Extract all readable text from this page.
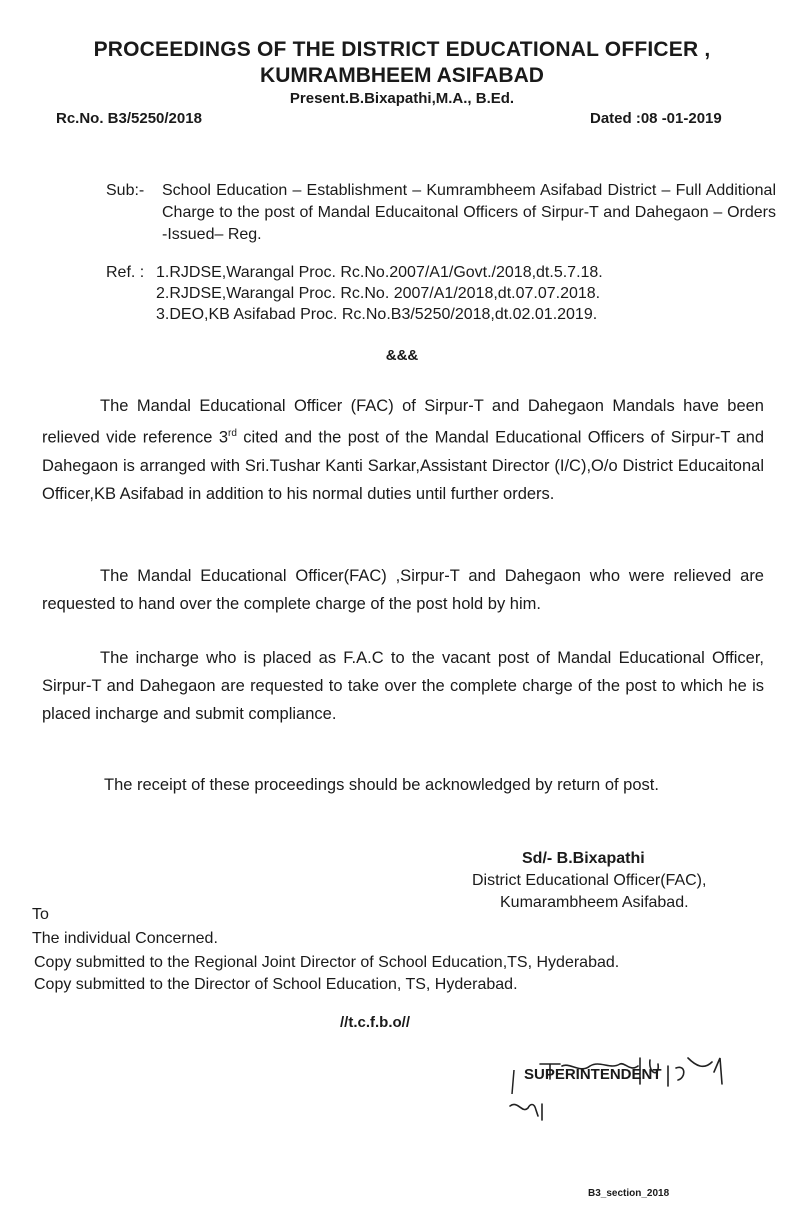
PROCEEDINGS OF THE DISTRICT EDUCATIONAL OFFICER ,
KUMRAMBHEEM ASIFABAD
Present.B.Bixapathi,M.A., B.Ed.
Rc.No. B3/5250/2018	Dated :08 -01-2019
Sub:- School Education – Establishment – Kumrambheem Asifabad District – Full Additional Charge to the post of Mandal Educaitonal Officers of Sirpur-T and Dahegaon – Orders -Issued– Reg.
Ref. : 1.RJDSE,Warangal Proc. Rc.No.2007/A1/Govt./2018,dt.5.7.18.
2.RJDSE,Warangal Proc. Rc.No. 2007/A1/2018,dt.07.07.2018.
3.DEO,KB Asifabad Proc. Rc.No.B3/5250/2018,dt.02.01.2019.
&&&
The Mandal Educational Officer (FAC) of Sirpur-T and Dahegaon Mandals have been relieved vide reference 3rd cited and the post of the Mandal Educational Officers of Sirpur-T and Dahegaon is arranged with Sri.Tushar Kanti Sarkar,Assistant Director (I/C),O/o District Educaitonal Officer,KB Asifabad in addition to his normal duties until further orders.
The Mandal Educational Officer(FAC) ,Sirpur-T and Dahegaon who were relieved are requested to hand over the complete charge of the post hold by him.
The incharge who is placed as F.A.C to the vacant post of Mandal Educational Officer, Sirpur-T and Dahegaon are requested to take over the complete charge of the post to which he is placed incharge and submit compliance.
The receipt of these proceedings should be acknowledged by return of post.
Sd/- B.Bixapathi
District Educational Officer(FAC),
Kumarambheem Asifabad.
To
The individual Concerned.
Copy submitted to the Regional Joint Director of School Education,TS, Hyderabad.
Copy submitted to the Director of School Education, TS, Hyderabad.
//t.c.f.b.o//
SUPERINTENDENT
B3_section_2018
